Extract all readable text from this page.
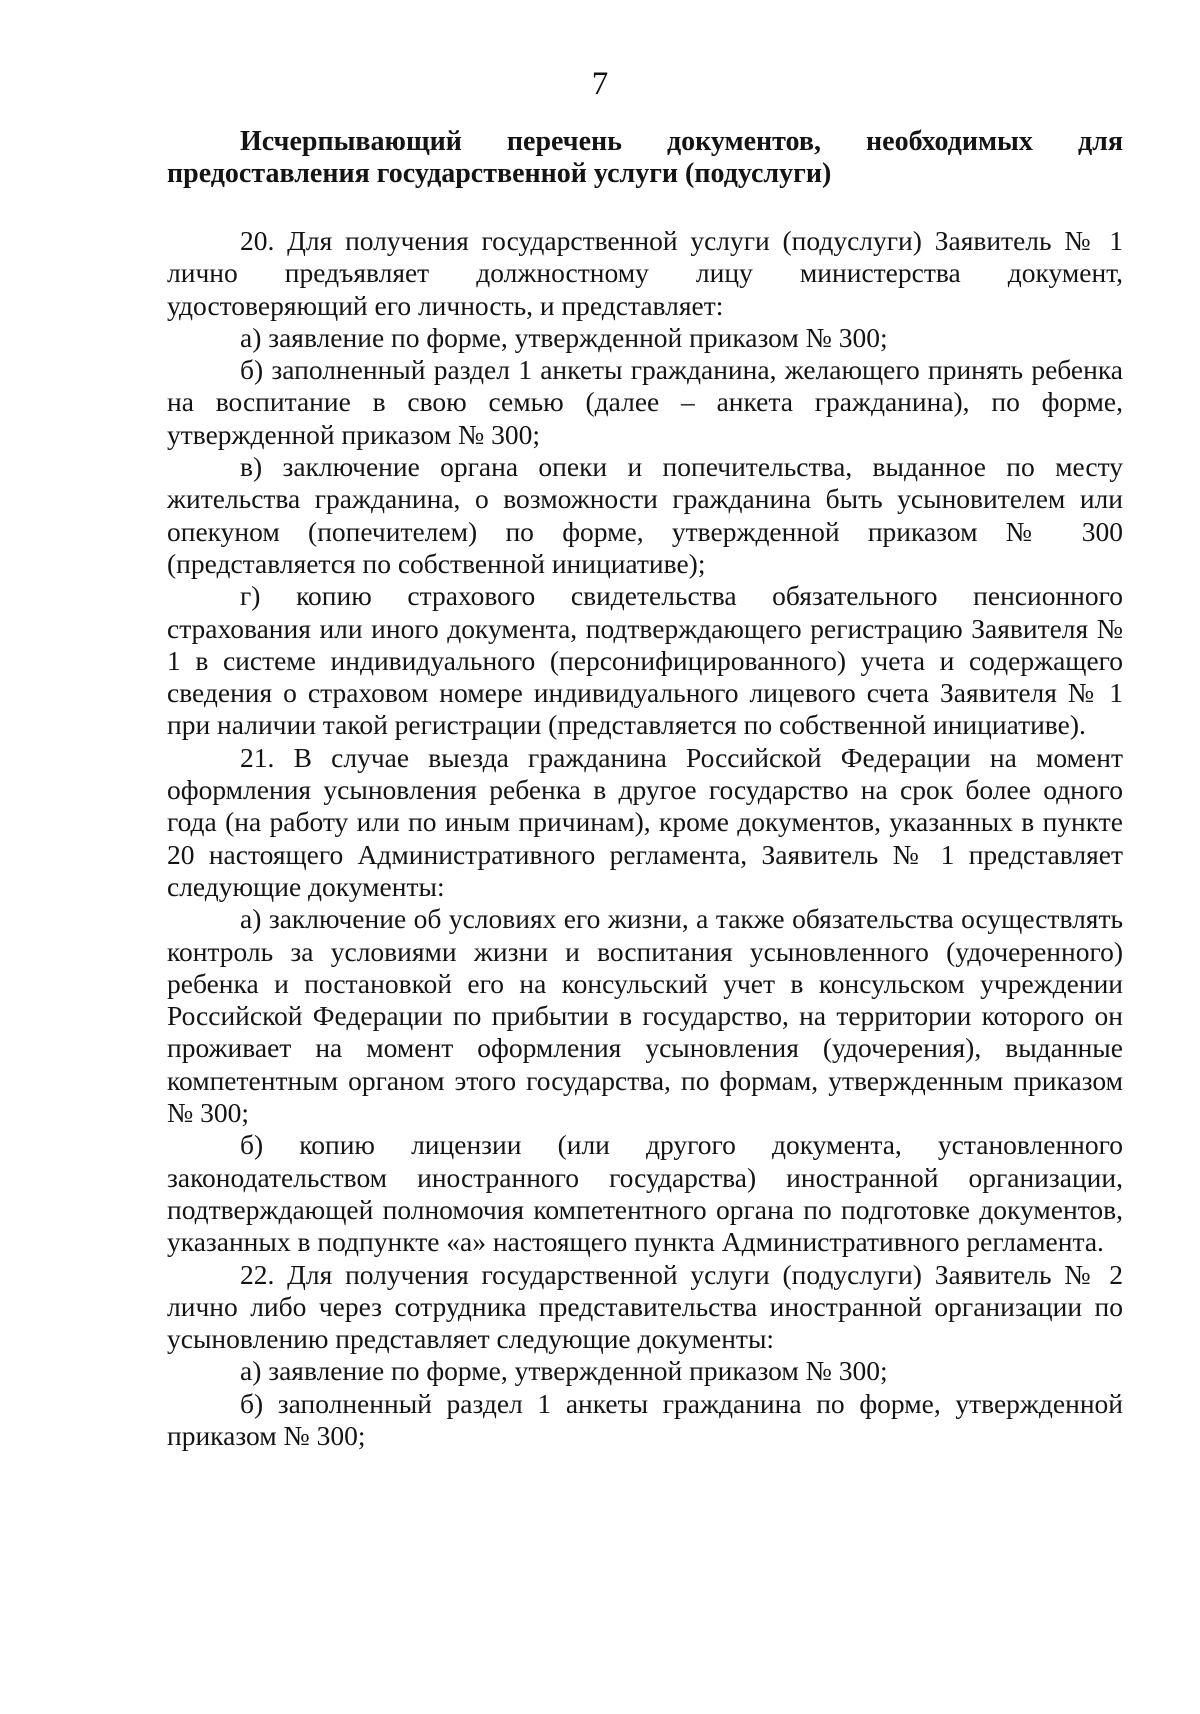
7
Исчерпывающий перечень документов, необходимых для
предоставления государственной услуги (подуслуги)

20. Для получения государственной услуги (подуслуги) Заявитель № 1 лично предъявляет должностному лицу министерства документ, удостоверяющий его личность, и представляет:

а) заявление по форме, утвержденной приказом № 300;

б) заполненный раздел 1 анкеты гражданина, желающего принять ребенка на воспитание в свою семью (далее – анкета гражданина), по форме, утвержденной приказом № 300;

в) заключение органа опеки и попечительства, выданное по месту жительства гражданина, о возможности гражданина быть усыновителем или опекуном (попечителем) по форме, утвержденной приказом № 300 (представляется по собственной инициативе);

г) копию страхового свидетельства обязательного пенсионного страхования или иного документа, подтверждающего регистрацию Заявителя № 1 в системе индивидуального (персонифицированного) учета и содержащего сведения о страховом номере индивидуального лицевого счета Заявителя № 1 при наличии такой регистрации (представляется по собственной инициативе).

21. В случае выезда гражданина Российской Федерации на момент оформления усыновления ребенка в другое государство на срок более одного года (на работу или по иным причинам), кроме документов, указанных в пункте 20 настоящего Административного регламента, Заявитель № 1 представляет следующие документы:

а) заключение об условиях его жизни, а также обязательства осуществлять контроль за условиями жизни и воспитания усыновленного (удочеренного) ребенка и постановкой его на консульский учет в консульском учреждении Российской Федерации по прибытии в государство, на территории которого он проживает на момент оформления усыновления (удочерения), выданные компетентным органом этого государства, по формам, утвержденным приказом № 300;

б) копию лицензии (или другого документа, установленного законодательством иностранного государства) иностранной организации, подтверждающей полномочия компетентного органа по подготовке документов, указанных в подпункте «а» настоящего пункта Административного регламента.

22. Для получения государственной услуги (подуслуги) Заявитель № 2 лично либо через сотрудника представительства иностранной организации по усыновлению представляет следующие документы:

а) заявление по форме, утвержденной приказом № 300;

б) заполненный раздел 1 анкеты гражданина по форме, утвержденной приказом № 300;
